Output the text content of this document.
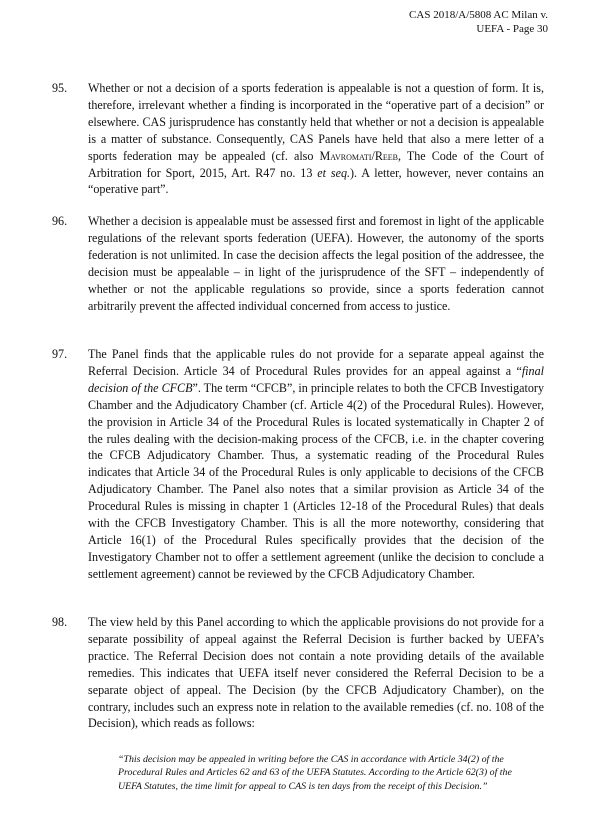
CAS 2018/A/5808 AC Milan v.
UEFA - Page 30
95.	Whether or not a decision of a sports federation is appealable is not a question of form. It is, therefore, irrelevant whether a finding is incorporated in the “operative part of a decision” or elsewhere. CAS jurisprudence has constantly held that whether or not a decision is appealable is a matter of substance. Consequently, CAS Panels have held that also a mere letter of a sports federation may be appealed (cf. also Mavromati/Reeb, The Code of the Court of Arbitration for Sport, 2015, Art. R47 no. 13 et seq.). A letter, however, never contains an “operative part”.
96.	Whether a decision is appealable must be assessed first and foremost in light of the applicable regulations of the relevant sports federation (UEFA). However, the autonomy of the sports federation is not unlimited. In case the decision affects the legal position of the addressee, the decision must be appealable – in light of the jurisprudence of the SFT – independently of whether or not the applicable regulations so provide, since a sports federation cannot arbitrarily prevent the affected individual concerned from access to justice.
97.	The Panel finds that the applicable rules do not provide for a separate appeal against the Referral Decision. Article 34 of Procedural Rules provides for an appeal against a “final decision of the CFCB”. The term “CFCB”, in principle relates to both the CFCB Investigatory Chamber and the Adjudicatory Chamber (cf. Article 4(2) of the Procedural Rules). However, the provision in Article 34 of the Procedural Rules is located systematically in Chapter 2 of the rules dealing with the decision-making process of the CFCB, i.e. in the chapter covering the CFCB Adjudicatory Chamber. Thus, a systematic reading of the Procedural Rules indicates that Article 34 of the Procedural Rules is only applicable to decisions of the CFCB Adjudicatory Chamber. The Panel also notes that a similar provision as Article 34 of the Procedural Rules is missing in chapter 1 (Articles 12-18 of the Procedural Rules) that deals with the CFCB Investigatory Chamber. This is all the more noteworthy, considering that Article 16(1) of the Procedural Rules specifically provides that the decision of the Investigatory Chamber not to offer a settlement agreement (unlike the decision to conclude a settlement agreement) cannot be reviewed by the CFCB Adjudicatory Chamber.
98.	The view held by this Panel according to which the applicable provisions do not provide for a separate possibility of appeal against the Referral Decision is further backed by UEFA’s practice. The Referral Decision does not contain a note providing details of the available remedies. This indicates that UEFA itself never considered the Referral Decision to be a separate object of appeal. The Decision (by the CFCB Adjudicatory Chamber), on the contrary, includes such an express note in relation to the available remedies (cf. no. 108 of the Decision), which reads as follows:
“This decision may be appealed in writing before the CAS in accordance with Article 34(2) of the Procedural Rules and Articles 62 and 63 of the UEFA Statutes. According to the Article 62(3) of the UEFA Statutes, the time limit for appeal to CAS is ten days from the receipt of this Decision.”
